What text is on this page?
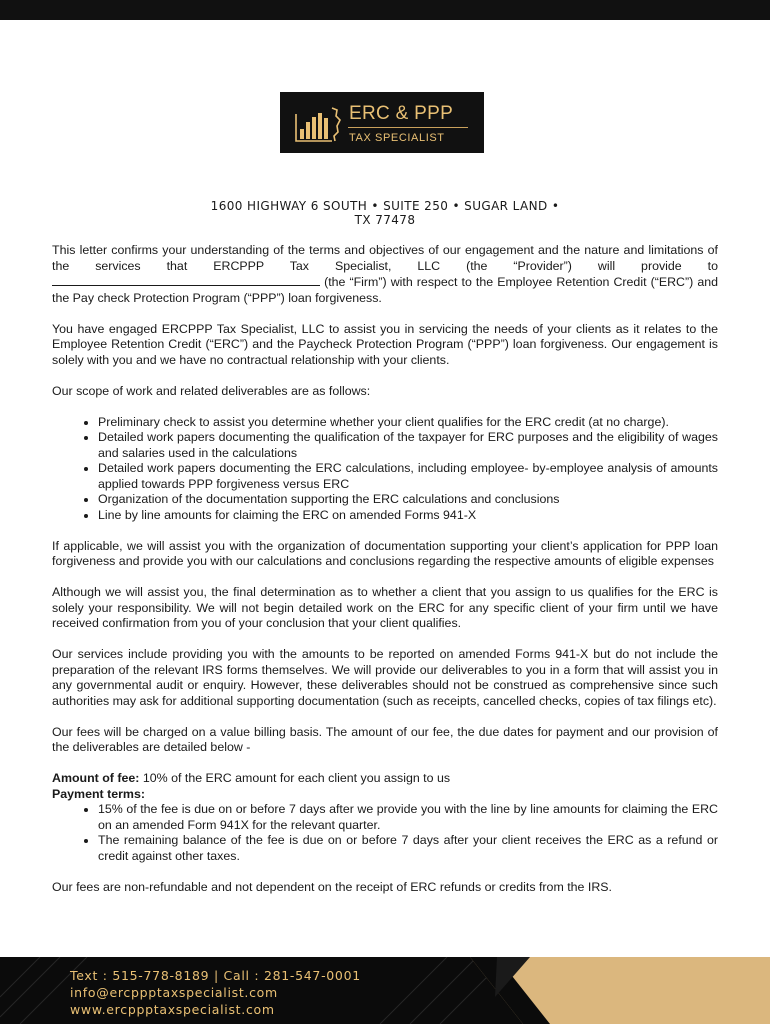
ERC & PPP
TAX SPECIALIST
1600 HIGHWAY 6 SOUTH • SUITE 250 • SUGAR LAND •
TX 77478

This letter confirms your understanding of the terms and objectives of our engagement and the nature and limitations of the services that ERCPPP Tax Specialist, LLC (the “Provider”) will provide to  (the “Firm”) with respect to the Employee Retention Credit (“ERC”) and the Pay check Protection Program (“PPP”) loan forgiveness.

You have engaged ERCPPP Tax Specialist, LLC to assist you in servicing the needs of your clients as it relates to the Employee Retention Credit (“ERC”) and the Paycheck Protection Program (“PPP”) loan forgiveness. Our engagement is solely with you and we have no contractual relationship with your clients.

Our scope of work and related deliverables are as follows:

• Preliminary check to assist you determine whether your client qualifies for the ERC credit (at no charge).
• Detailed work papers documenting the qualification of the taxpayer for ERC purposes and the eligibility of wages and salaries used in the calculations
• Detailed work papers documenting the ERC calculations, including employee- by-employee analysis of amounts applied towards PPP forgiveness versus ERC
• Organization of the documentation supporting the ERC calculations and conclusions
• Line by line amounts for claiming the ERC on amended Forms 941-X

If applicable, we will assist you with the organization of documentation supporting your client’s application for PPP loan forgiveness and provide you with our calculations and conclusions regarding the respective amounts of eligible expenses

Although we will assist you, the final determination as to whether a client that you assign to us qualifies for the ERC is solely your responsibility. We will not begin detailed work on the ERC for any specific client of your firm until we have received confirmation from you of your conclusion that your client qualifies.

Our services include providing you with the amounts to be reported on amended Forms 941-X but do not include the preparation of the relevant IRS forms themselves. We will provide our deliverables to you in a form that will assist you in any governmental audit or enquiry. However, these deliverables should not be construed as comprehensive since such authorities may ask for additional supporting documentation (such as receipts, cancelled checks, copies of tax filings etc).

Our fees will be charged on a value billing basis. The amount of our fee, the due dates for payment and our provision of the deliverables are detailed below -

Amount of fee: 10% of the ERC amount for each client you assign to us

Payment terms:

• 15% of the fee is due on or before 7 days after we provide you with the line by line amounts for claiming the ERC on an amended Form 941X for the relevant quarter.
• The remaining balance of the fee is due on or before 7 days after your client receives the ERC as a refund or credit against other taxes.

Our fees are non-refundable and not dependent on the receipt of ERC refunds or credits from the IRS.

Text : 515-778-8189 | Call : 281-547-0001
info@ercppptaxspecialist.com
www.ercppptaxspecialist.com
